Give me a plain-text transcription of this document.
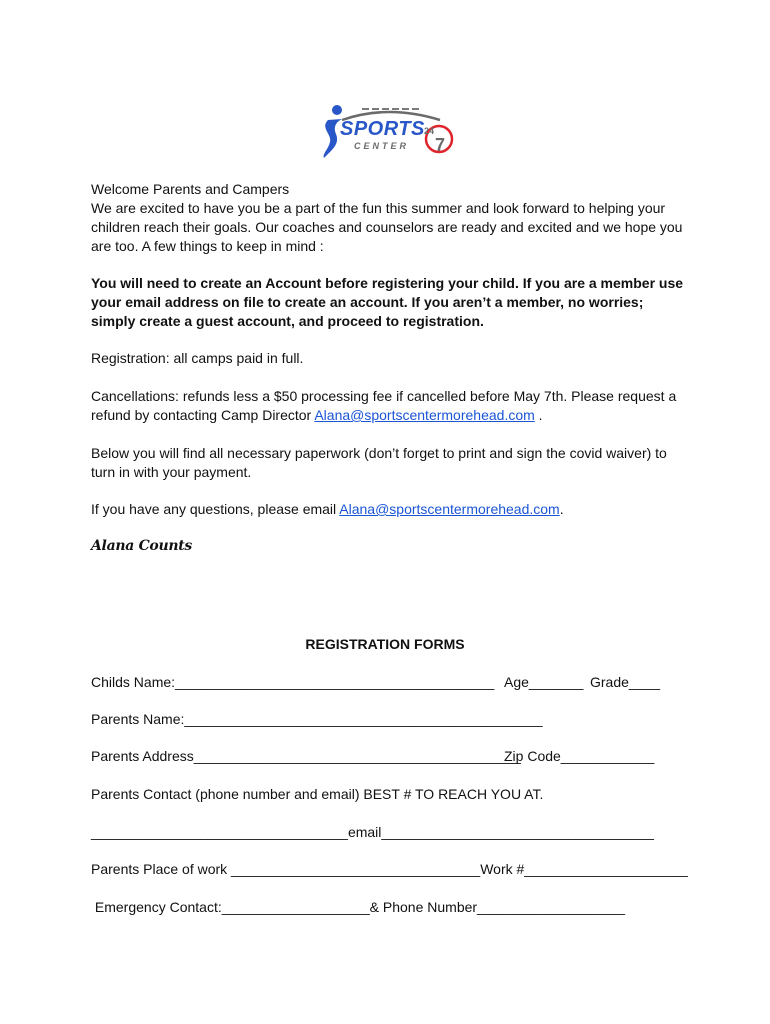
SPORTS
CENTER
24
7
Welcome Parents and Campers
We are excited to have you be a part of the fun this summer and look forward to helping your children reach their goals. Our coaches and counselors are ready and excited and we hope you are too. A few things to keep in mind :
You will need to create an Account before registering your child. If you are a member use your email address on file to create an account. If you aren’t a member, no worries; simply create a guest account, and proceed to registration.
Registration: all camps paid in full.
Cancellations: refunds less a $50 processing fee if cancelled before May 7th. Please request a refund by contacting Camp Director Alana@sportscentermorehead.com .
Below you will find all necessary paperwork (don’t forget to print and sign the covid waiver) to turn in with your payment.
If you have any questions, please email Alana@sportscentermorehead.com.
Alana Counts
REGISTRATION FORMS
Childs Name:_________________________________________ Age_______ Grade____
Parents Name:______________________________________________
Parents Address__________________________________________
Zip Code____________
Parents Contact (phone number and email) BEST # TO REACH YOU AT.
_________________________________email___________________________________
Parents Place of work ________________________________Work #_____________________
Emergency Contact:___________________& Phone Number___________________
